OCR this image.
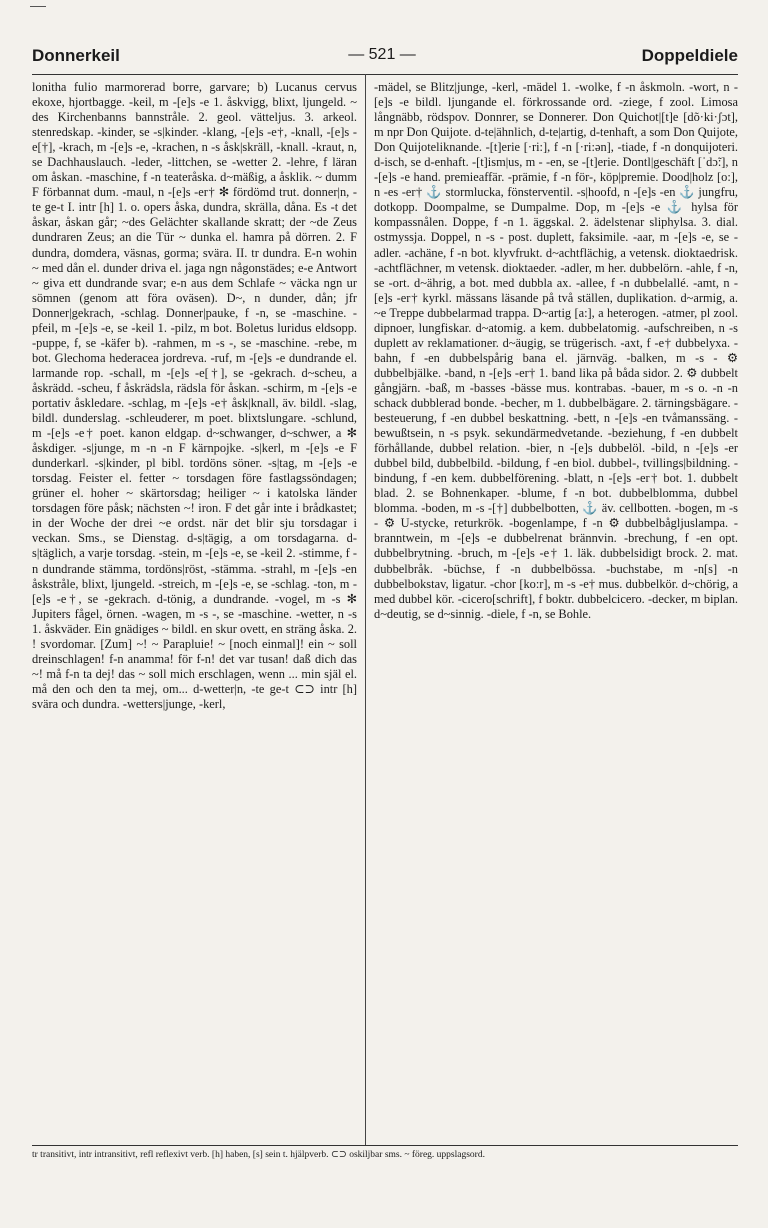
Donnerkeil	— 521 —	Doppeldiele

lonitha fulio marmorerad borre, garvare; b) Lucanus cervus ekoxe, hjortbagge. -keil, m -[e]s -e 1. åskvigg, blixt, ljungeld. ~ des Kirchenbanns bannstråle. 2. geol. vätteljus. 3. arkeol. stenredskap. -kinder, se -s|kinder. -klang, -[e]s -e†, -knall, -[e]s -e[†], -krach, m -[e]s -e, -krachen, n -s åsk|skräll, -knall. -kraut, n, se Dachhauslauch. -leder, -littchen, se -wetter 2. -lehre, f läran om åskan. -maschine, f -n teateråska. d~mäßig, a åsklik. ~ dumm F förbannat dum. -maul, n -[e]s -er† ✻ fördömd trut. donner|n, -te ge-t I. intr [h] 1. o. opers åska, dundra, skrälla, dåna. Es -t det åskar, åskan går; ~des Gelächter skallande skratt; der ~de Zeus dundraren Zeus; an die Tür ~ dunka el. hamra på dörren. 2. F dundra, domdera, väsnas, gorma; svära. II. tr dundra. E-n wohin ~ med dån el. dunder driva el. jaga ngn någonstädes; e-e Antwort ~ giva ett dundrande svar; e-n aus dem Schlafe ~ väcka ngn ur sömnen (genom att föra oväsen). D~, n dunder, dån; jfr Donner|gekrach, -schlag. Donner|pauke, f -n, se -maschine. -pfeil, m -[e]s -e, se -keil 1. -pilz, m bot. Boletus luridus eldsopp. -puppe, f, se -käfer b). -rahmen, m -s -, se -maschine. -rebe, m bot. Glechoma hederacea jordreva. -ruf, m -[e]s -e dundrande el. larmande rop. -schall, m -[e]s -e[†], se -gekrach. d~scheu, a åskrädd. -scheu, f åskrädsla, rädsla för åskan. -schirm, m -[e]s -e portativ åskledare. -schlag, m -[e]s -e† åsk|knall, äv. bildl. -slag, bildl. dunderslag. -schleuderer, m poet. blixtslungare. -schlund, m -[e]s -e† poet. kanon eldgap. d~schwanger, d~schwer, a ✻ åskdiger. -s|junge, m -n -n F kärnpojke. -s|kerl, m -[e]s -e F dunderkarl. -s|kinder, pl bibl. tordöns söner. -s|tag, m -[e]s -e torsdag. Feister el. fetter ~ torsdagen före fastlagssöndagen; grüner el. hoher ~ skärtorsdag; heiliger ~ i katolska länder torsdagen före påsk; nächsten ~! iron. F det går inte i brådkastet; in der Woche der drei ~e ordst. när det blir sju torsdagar i veckan. Sms., se Dienstag. d-s|tägig, a om torsdagarna. d-s|täglich, a varje torsdag. -stein, m -[e]s -e, se -keil 2. -stimme, f -n dundrande stämma, tordöns|röst, -stämma. -strahl, m -[e]s -en åskstråle, blixt, ljungeld. -streich, m -[e]s -e, se -schlag. -ton, m -[e]s -e†, se -gekrach. d-tönig, a dundrande. -vogel, m -s ✻ Jupiters fågel, örnen. -wagen, m -s -, se -maschine. -wetter, n -s 1. åskväder. Ein gnädiges ~ bildl. en skur ovett, en sträng åska. 2. ! svordomar. [Zum] ~! ~ Parapluie! ~ [noch einmal]! ein ~ soll dreinschlagen! f-n anamma! för f-n! det var tusan! daß dich das ~! må f-n ta dej! das ~ soll mich erschlagen, wenn ... min själ el. må den och den ta mej, om... d-wetter|n, -te ge-t ⊂⊃ intr [h] svära och dundra. -wetters|junge, -kerl,

-mädel, se Blitz|junge, -kerl, -mädel 1. -wolke, f -n åskmoln. -wort, n -[e]s -e bildl. ljungande el. förkrossande ord. -ziege, f zool. Limosa långnäbb, rödspov. Donnrer, se Donnerer. Don Quichot|[t]e [dõ·ki·ʃɔt], m npr Don Quijote. d-te|ähnlich, d-te|artig, d-tenhaft, a som Don Quijote, Don Quijoteliknande. -[t]erie [·ri:], f -n [·ri:ən], -tiade, f -n donquijoteri. d-isch, se d-enhaft. -[t]ism|us, m - -en, se -[t]erie. Dontl|geschäft [ˈdɔ̃:], n -[e]s -e hand. premieaffär. -prämie, f -n för-, köp|premie. Dood|holz [o:], n -es -er† ⚓ stormlucka, fönsterventil. -s|hoofd, n -[e]s -en ⚓ jungfru, dotkopp. Doompalme, se Dumpalme. Dop, m -[e]s -e ⚓ hylsa för kompassnålen. Doppe, f -n 1. äggskal. 2. ädelstenar sliphylsa. 3. dial. ostmyssja. Doppel, n -s - post. duplett, faksimile. -aar, m -[e]s -e, se -adler. -achäne, f -n bot. klyvfrukt. d~achtflächig, a vetensk. dioktaedrisk. -achtflächner, m vetensk. dioktaeder. -adler, m her. dubbelörn. -ahle, f -n, se -ort. d~ährig, a bot. med dubbla ax. -allee, f -n dubbelallé. -amt, n -[e]s -er† kyrkl. mässans läsande på två ställen, duplikation. d~armig, a. ~e Treppe dubbelarmad trappa. D~artig [a:], a heterogen. -atmer, pl zool. dipnoer, lungfiskar. d~atomig. a kem. dubbelatomig. -aufschreiben, n -s duplett av reklamationer. d~äugig, se trügerisch. -axt, f -e† dubbelyxa. -bahn, f -en dubbelspårig bana el. järnväg. -balken, m -s - ⚙ dubbelbjälke. -band, n -[e]s -er† 1. band lika på båda sidor. 2. ⚙ dubbelt gångjärn. -baß, m -basses -bässe mus. kontrabas. -bauer, m -s o. -n -n schack dubblerad bonde. -becher, m 1. dubbelbägare. 2. tärningsbägare. -besteuerung, f -en dubbel beskattning. -bett, n -[e]s -en tvåmanssäng. -bewußtsein, n -s psyk. sekundärmedvetande. -beziehung, f -en dubbelt förhållande, dubbel relation. -bier, n -[e]s dubbelöl. -bild, n -[e]s -er dubbel bild, dubbelbild. -bildung, f -en biol. dubbel-, tvillings|bildning. -bindung, f -en kem. dubbelförening. -blatt, n -[e]s -er† bot. 1. dubbelt blad. 2. se Bohnenkaper. -blume, f -n bot. dubbelblomma, dubbel blomma. -boden, m -s -[†] dubbelbotten, ⚓ äv. cellbotten. -bogen, m -s - ⚙ U-stycke, returkrök. -bogenlampe, f -n ⚙ dubbelbågljuslampa. -branntwein, m -[e]s -e dubbelrenat brännvin. -brechung, f -en opt. dubbelbrytning. -bruch, m -[e]s -e† 1. läk. dubbelsidigt brock. 2. mat. dubbelbråk. -büchse, f -n dubbelbössa. -buchstabe, m -n[s] -n dubbelbokstav, ligatur. -chor [ko:r], m -s -e† mus. dubbelkör. d~chörig, a med dubbel kör. -cicero[schrift], f boktr. dubbelcicero. -decker, m biplan. d~deutig, se d~sinnig. -diele, f -n, se Bohle.

tr transitivt, intr intransitivt, refl reflexivt verb. [h] haben, [s] sein t. hjälpverb. ⊂⊃ oskiljbar sms. ~ föreg. uppslagsord.
